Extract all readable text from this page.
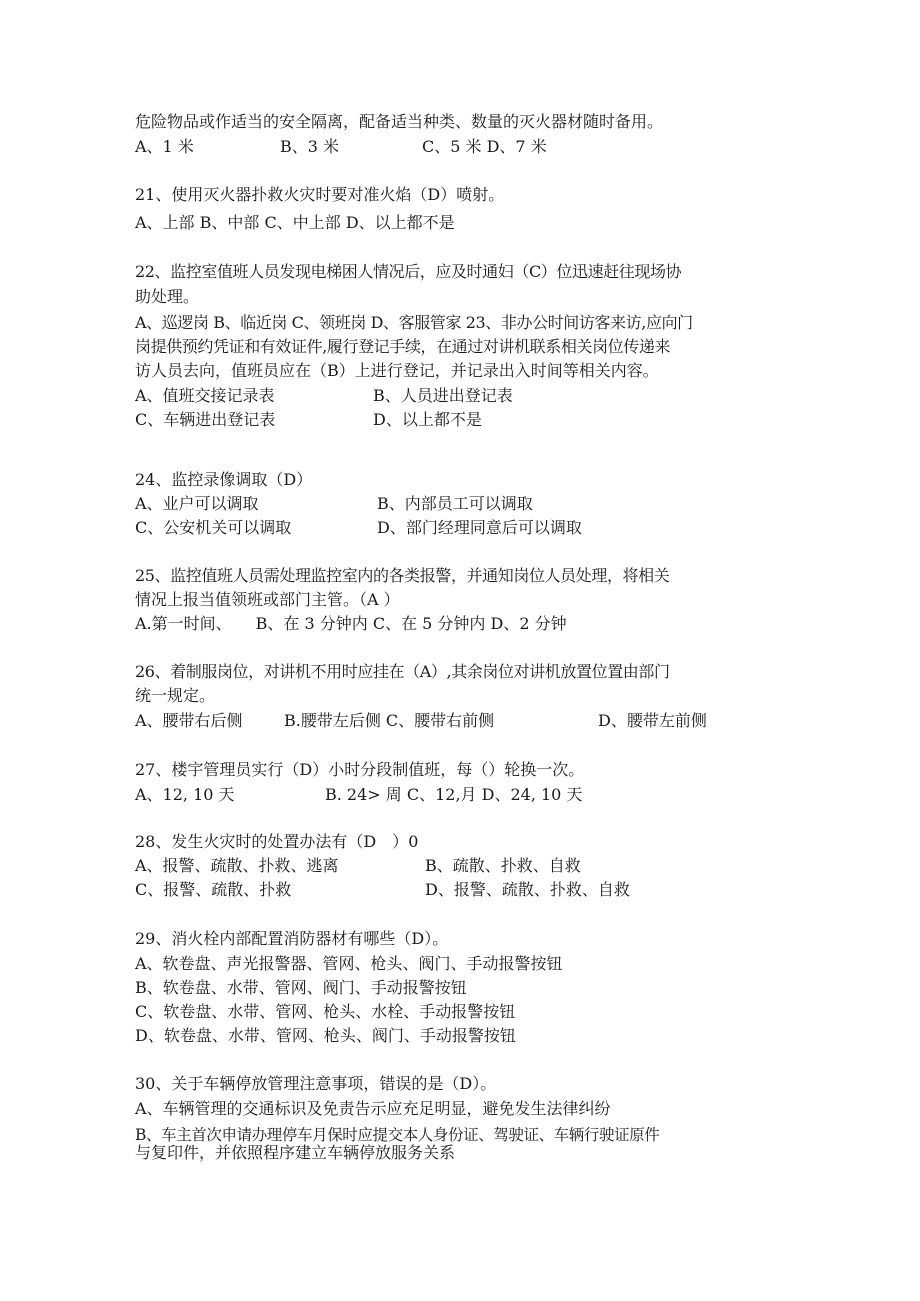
危险物品或作适当的安全隔离，配备适当种类、数量的灭火器材随时备用。
A、1 米	B、3 米	C、5 米 D、7 米
21、使用灭火器扑救火灾时要对准火焰（D）喷射。
A、上部 B、中部 C、中上部 D、以上都不是
22、监控室值班人员发现电梯困人情况后，应及时通妇（C）位迅速赶往现场协
助处理。
A、巡逻岗 B、临近岗 C、领班岗 D、客服管家 23、非办公时间访客来访,应向门
岗提供预约凭证和有效证件,履行登记手续，在通过对讲机联系相关岗位传递来
访人员去向，值班员应在（B）上进行登记，并记录出入时间等相关内容。
A、值班交接记录表	B、人员进出登记表
C、车辆进出登记表	D、以上都不是
24、监控录像调取（D）
A、业户可以调取	B、内部员工可以调取
C、公安机关可以调取	D、部门经理同意后可以调取
25、监控值班人员需处理监控室内的各类报警，并通知岗位人员处理，将相关
情况上报当值领班或部门主管。（A ）
A.第一时间、　　B、在 3 分钟内 C、在 5 分钟内 D、2 分钟
26、着制服岗位，对讲机不用时应挂在（A）,其余岗位对讲机放置位置由部门
统一规定。
A、腰带右后侧	B.腰带左后侧 C、腰带右前侧	D、腰带左前侧
27、楼宇管理员实行（D）小时分段制值班，每（）轮换一次。
A、12, 10 天	B. 24> 周 C、12,月 D、24, 10 天
28、发生火灾时的处置办法有（D　）0
A、报警、疏散、扑救、逃离	B、疏散、扑救、自救
C、报警、疏散、扑救	D、报警、疏散、扑救、自救
29、消火栓内部配置消防器材有哪些（D）。
A、软卷盘、声光报警器、管网、枪头、阀门、手动报警按钮
B、软卷盘、水带、管网、阀门、手动报警按钮
C、软卷盘、水带、管网、枪头、水栓、手动报警按钮
D、软卷盘、水带、管网、枪头、阀门、手动报警按钮
30、关于车辆停放管理注意事项，错误的是（D）。
A、车辆管理的交通标识及免责告示应充足明显，避免发生法律纠纷
B、车主首次申请办理停车月保时应提交本人身份证、驾驶证、车辆行驶证原件
与复印件，并依照程序建立车辆停放服务关系
